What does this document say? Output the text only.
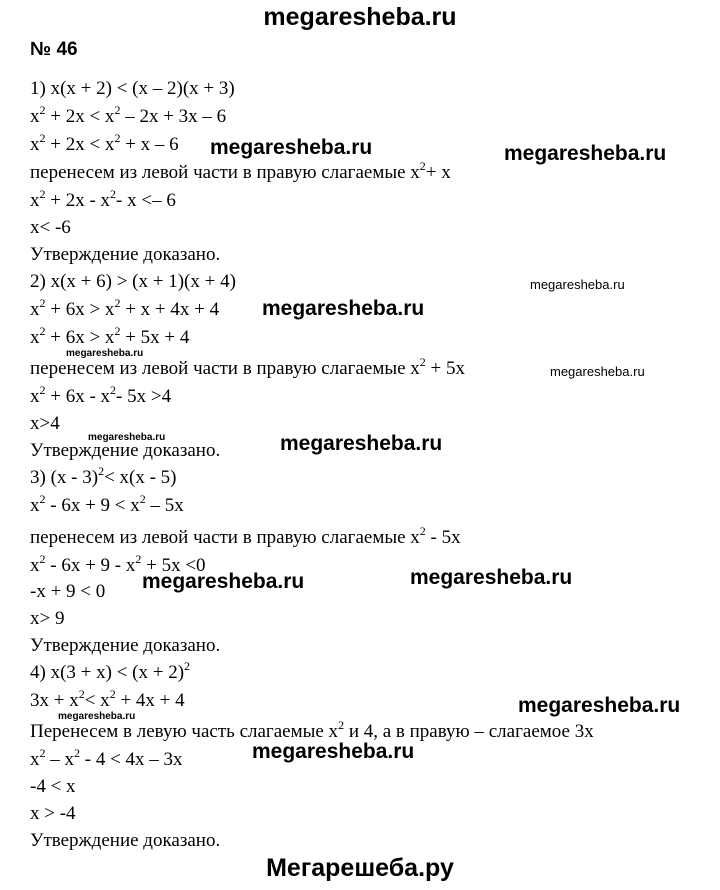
megaresheba.ru
№ 46
1) x(x + 2) < (x – 2)(x + 3)
$x^2 + 2x < x^2 - 2x + 3x - 6$
$x^2 + 2x < x^2 + x - 6$
перенесем из левой части в правую слагаемые $x^2+ x$
$x^2 + 2x - x^2-$ x <– 6
x< -6
Утверждение доказано.
2) x(x + 6) > (x + 1)(x + 4)
$x^2 + 6x > x^2 + x + 4x + 4$
$x^2 + 6x > x^2 + 5x + 4$
перенесем из левой части в правую слагаемые $x^2 + 5x$
$x^2 + 6x - x^2-$ 5x >4
x>4
Утверждение доказано.
3) (x - 3)$^2$< x(x - 5)
$x^2 - 6x + 9 < x^2 - 5x$
перенесем из левой части в правую слагаемые $x^2 - 5x$
$x^2 - 6x + 9 - x^2 + 5x <0$
-x + 9 < 0
x> 9
Утверждение доказано.
4) $x(3 + x) < (x + 2)^2$
$3x + x^2< x^2 + 4x + 4$
Перенесем в левую часть слагаемые $x^2$ и 4, а в правую – слагаемое 3x
$x^2 - x^2 - 4 < 4x - 3x$
-4 < x
x > -4
Утверждение доказано.
megaresheba.ru	megaresheba.ru
megaresheba.ru
megaresheba.ru
megaresheba.ru
megaresheba.ru
megaresheba.ru	megaresheba.ru
megaresheba.ru
megaresheba.ru
megaresheba.ru
megaresheba.ru
megaresheba.ru
Мегарешеба.ру
